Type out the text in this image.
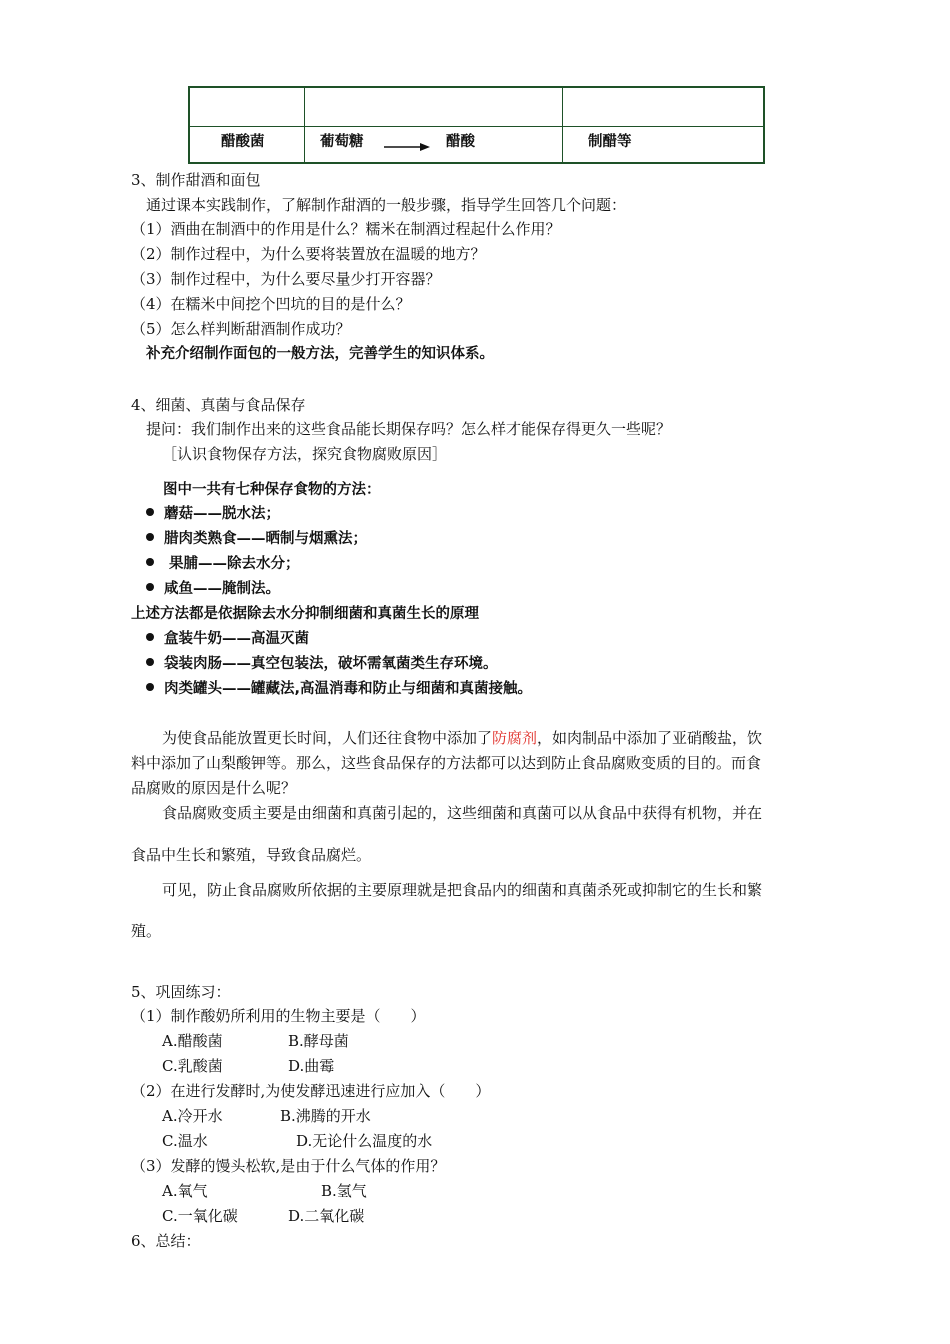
醋酸菌	葡萄糖	醋酸	制醋等
3、制作甜酒和面包
通过课本实践制作，了解制作甜酒的一般步骤，指导学生回答几个问题：
（1）酒曲在制酒中的作用是什么？糯米在制酒过程起什么作用？
（2）制作过程中，为什么要将装置放在温暖的地方？
（3）制作过程中，为什么要尽量少打开容器？
（4）在糯米中间挖个凹坑的目的是什么？
（5）怎么样判断甜酒制作成功？
补充介绍制作面包的一般方法，完善学生的知识体系。
4、细菌、真菌与食品保存
提问：我们制作出来的这些食品能长期保存吗？怎么样才能保存得更久一些呢？
［认识食物保存方法，探究食物腐败原因］
图中一共有七种保存食物的方法：
蘑菇——脱水法；
腊肉类熟食——晒制与烟熏法；
果脯——除去水分；
咸鱼——腌制法。
上述方法都是依据除去水分抑制细菌和真菌生长的原理
盒装牛奶——高温灭菌
袋装肉肠——真空包装法，破坏需氧菌类生存环境。
肉类罐头——罐藏法,高温消毒和防止与细菌和真菌接触。
为使食品能放置更长时间，人们还往食物中添加了防腐剂，如肉制品中添加了亚硝酸盐，饮
料中添加了山梨酸钾等。那么，这些食品保存的方法都可以达到防止食品腐败变质的目的。而食
品腐败的原因是什么呢？
食品腐败变质主要是由细菌和真菌引起的，这些细菌和真菌可以从食品中获得有机物，并在
食品中生长和繁殖，导致食品腐烂。
可见，防止食品腐败所依据的主要原理就是把食品内的细菌和真菌杀死或抑制它的生长和繁
殖。
5、巩固练习：
（1）制作酸奶所利用的生物主要是（　　）
A.醋酸菌	B.酵母菌
C.乳酸菌	D.曲霉
（2）在进行发酵时,为使发酵迅速进行应加入（　　）
A.冷开水	B.沸腾的开水
C.温水	D.无论什么温度的水
（3）发酵的馒头松软,是由于什么气体的作用？
A.氧气	B.氢气
C.一氧化碳	D.二氧化碳
6、总结：
